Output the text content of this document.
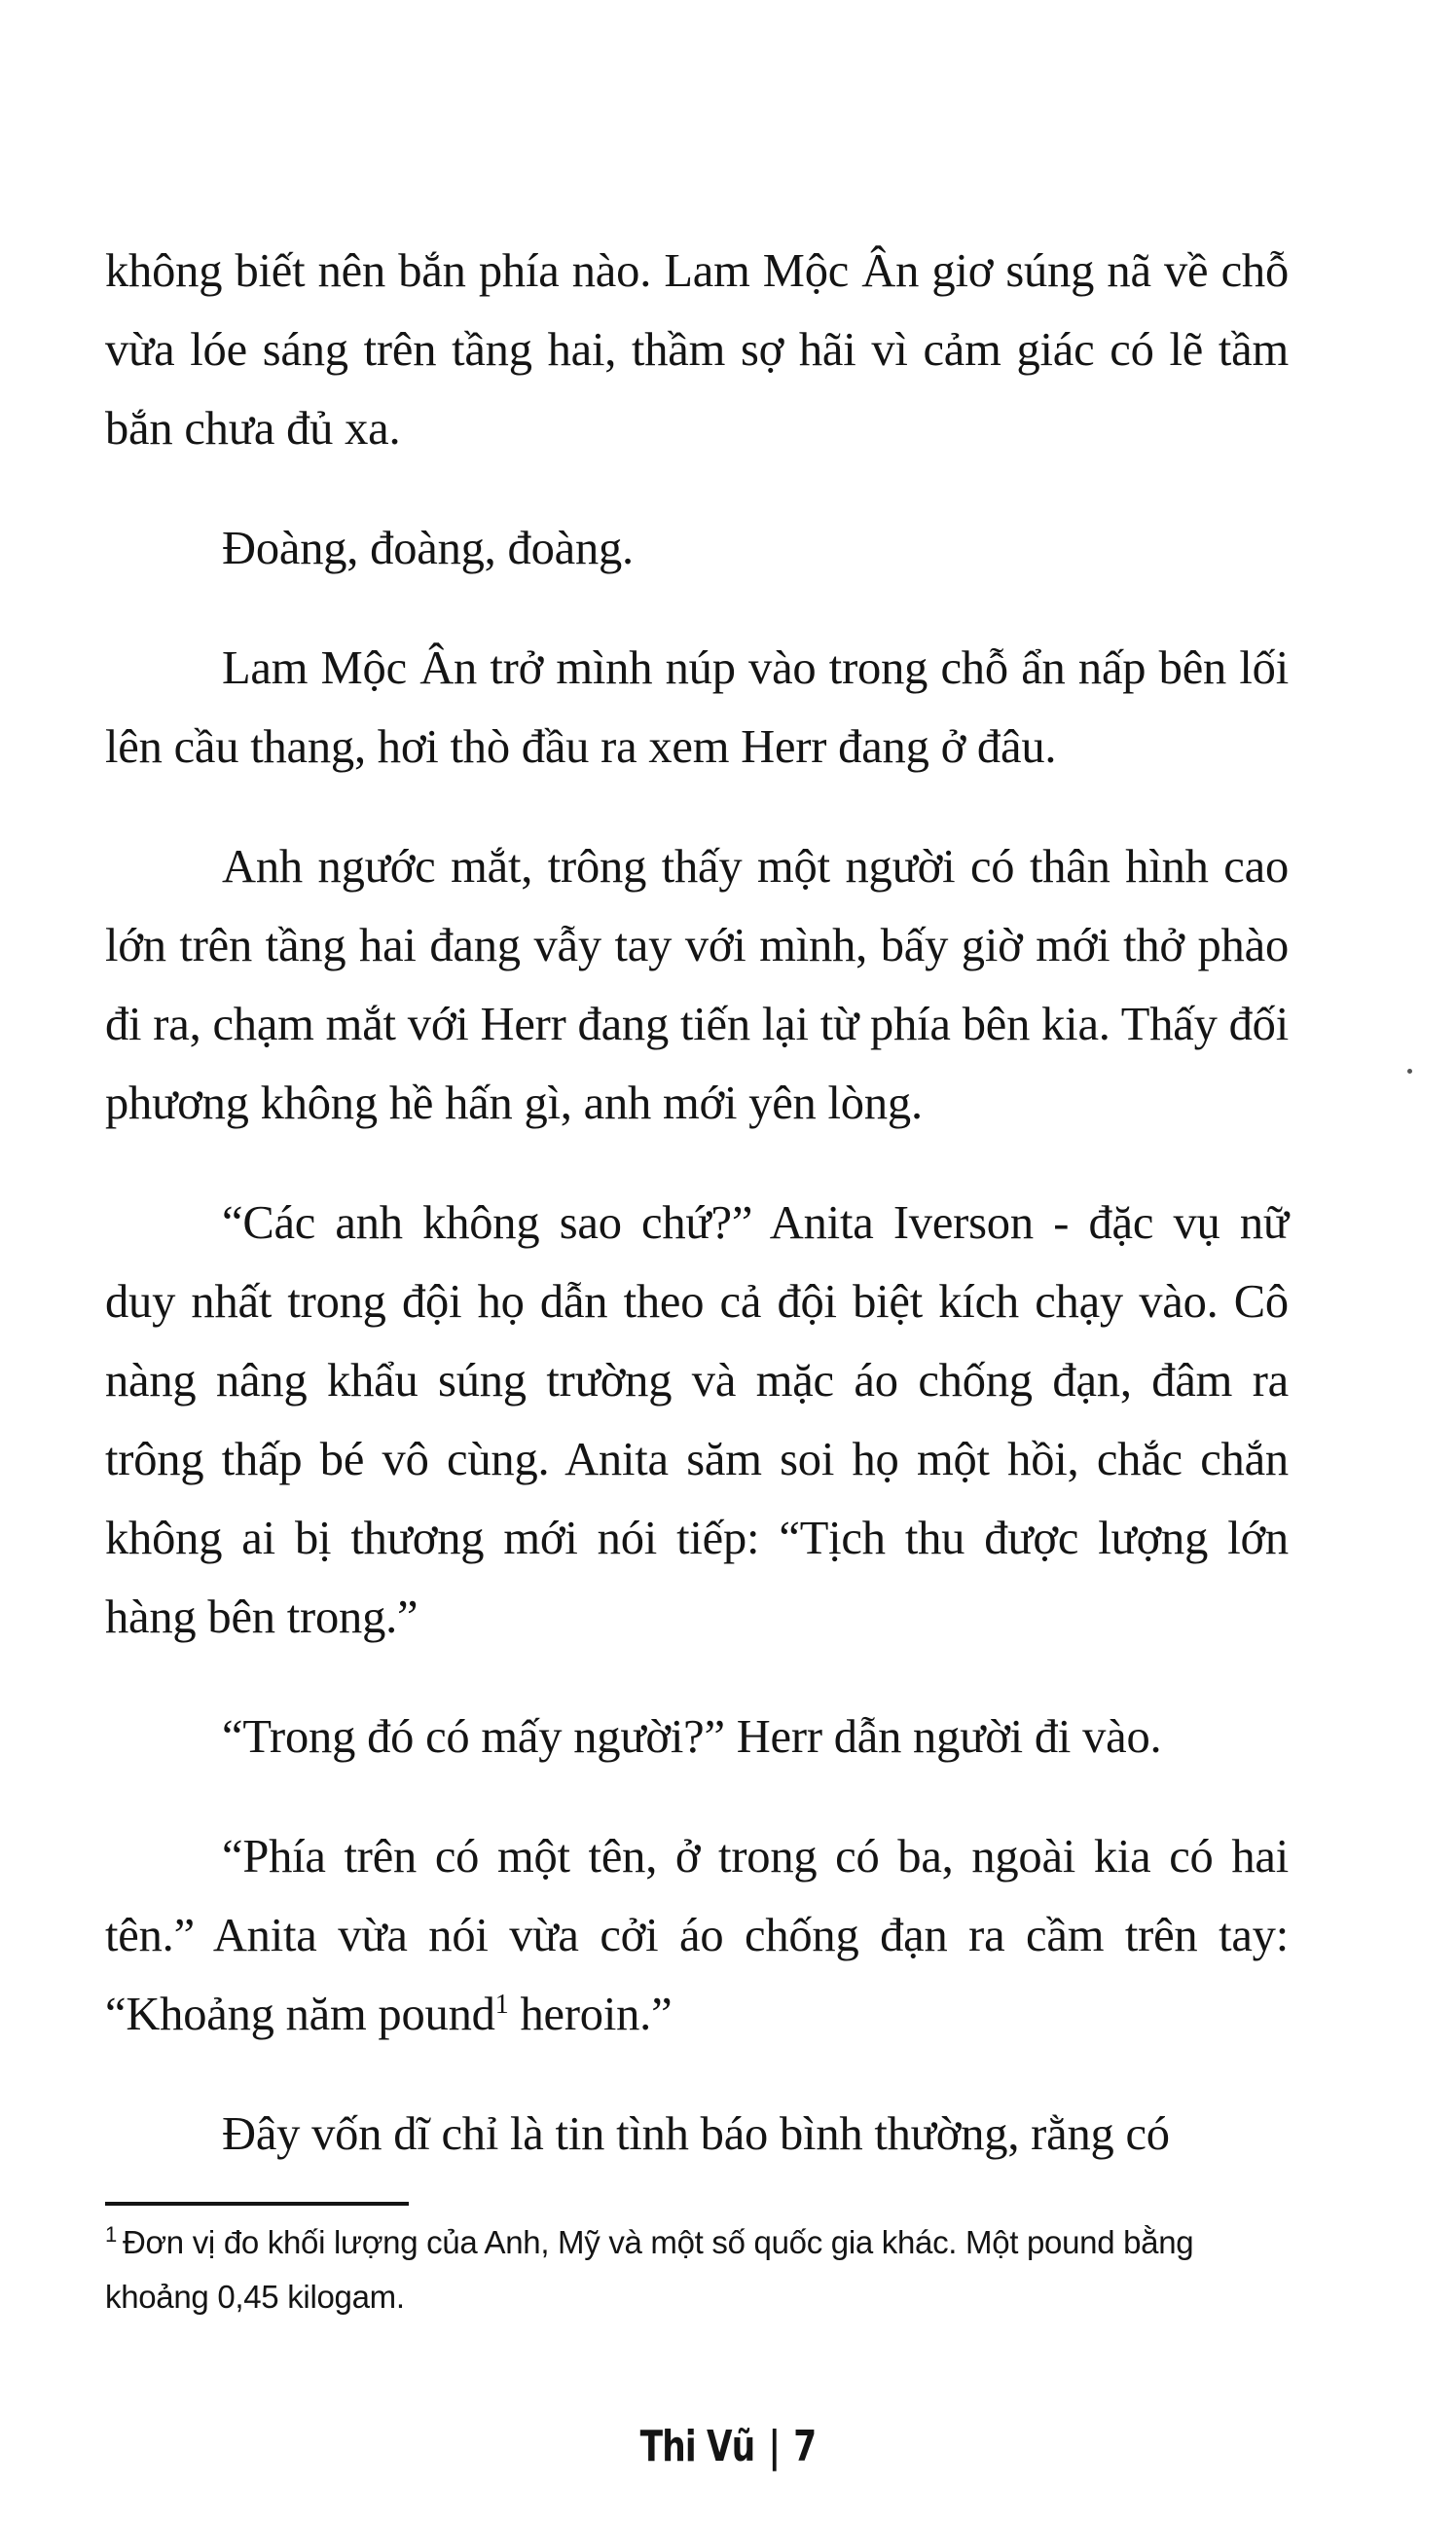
không biết nên bắn phía nào. Lam Mộc Ân giơ súng nã về chỗ vừa lóe sáng trên tầng hai, thầm sợ hãi vì cảm giác có lẽ tầm bắn chưa đủ xa.

Đoàng, đoàng, đoàng.

Lam Mộc Ân trở mình núp vào trong chỗ ẩn nấp bên lối lên cầu thang, hơi thò đầu ra xem Herr đang ở đâu.

Anh ngước mắt, trông thấy một người có thân hình cao lớn trên tầng hai đang vẫy tay với mình, bấy giờ mới thở phào đi ra, chạm mắt với Herr đang tiến lại từ phía bên kia. Thấy đối phương không hề hấn gì, anh mới yên lòng.

“Các anh không sao chứ?” Anita Iverson - đặc vụ nữ duy nhất trong đội họ dẫn theo cả đội biệt kích chạy vào. Cô nàng nâng khẩu súng trường và mặc áo chống đạn, đâm ra trông thấp bé vô cùng. Anita săm soi họ một hồi, chắc chắn không ai bị thương mới nói tiếp: “Tịch thu được lượng lớn hàng bên trong.”

“Trong đó có mấy người?” Herr dẫn người đi vào.

“Phía trên có một tên, ở trong có ba, ngoài kia có hai tên.” Anita vừa nói vừa cởi áo chống đạn ra cầm trên tay: “Khoảng năm pound$^1$ heroin.”

Đây vốn dĩ chỉ là tin tình báo bình thường, rằng có

$^1$ Đơn vị đo khối lượng của Anh, Mỹ và một số quốc gia khác. Một pound bằng khoảng 0,45 kilogam.
Thi Vũ | 7
